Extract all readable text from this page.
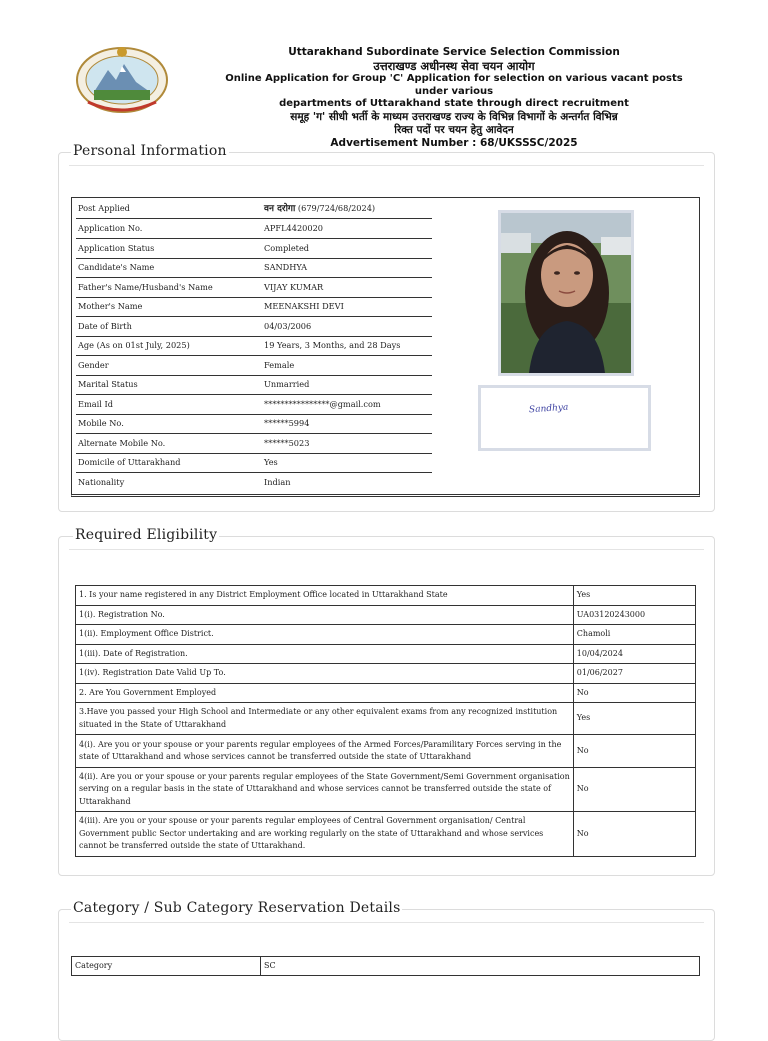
Uttarakhand Subordinate Service Selection Commission
उत्तराखण्ड अधीनस्थ सेवा चयन आयोग
Online Application for Group 'C' Application for selection on various vacant posts under various
departments of Uttarakhand state through direct recruitment
समूह 'ग' सीधी भर्ती के माध्यम उत्तराखण्ड राज्य के विभिन्न विभागों के अन्तर्गत विभिन्न
रिक्त पदों पर चयन हेतु आवेदन
Advertisement Number : 68/UKSSSC/2025
Personal Information
Post Applied	वन दरोगा (679/724/68/2024)
Application No.	APFL4420020
Application Status	Completed
Candidate's Name	SANDHYA
Father's Name/Husband's Name	VIJAY KUMAR
Mother's Name	MEENAKSHI DEVI
Date of Birth	04/03/2006
Age (As on 01st July, 2025)	19 Years, 3 Months, and 28 Days
Gender	Female
Marital Status	Unmarried
Email Id	****************@gmail.com
Mobile No.	******5994
Alternate Mobile No.	******5023
Domicile of Uttarakhand	Yes
Nationality	Indian
Sandhya
Required Eligibility
1. Is your name registered in any District Employment Office located in Uttarakhand State	Yes
1(i). Registration No.	UA03120243000
1(ii). Employment Office District.	Chamoli
1(iii). Date of Registration.	10/04/2024
1(iv). Registration Date Valid Up To.	01/06/2027
2. Are You Government Employed	No
3.Have you passed your High School and Intermediate or any other equivalent exams from any recognized institution situated in the State of Uttarakhand	Yes
4(i). Are you or your spouse or your parents regular employees of the Armed Forces/Paramilitary Forces serving in the state of Uttarakhand and whose services cannot be transferred outside the state of Uttarakhand	No
4(ii). Are you or your spouse or your parents regular employees of the State Government/Semi Government organisation serving on a regular basis in the state of Uttarakhand and whose services cannot be transferred outside the state of Uttarakhand	No
4(iii). Are you or your spouse or your parents regular employees of Central Government organisation/ Central Government public Sector undertaking and are working regularly on the state of Uttarakhand and whose services cannot be transferred outside the state of Uttarakhand.	No
Category / Sub Category Reservation Details
Category	SC
